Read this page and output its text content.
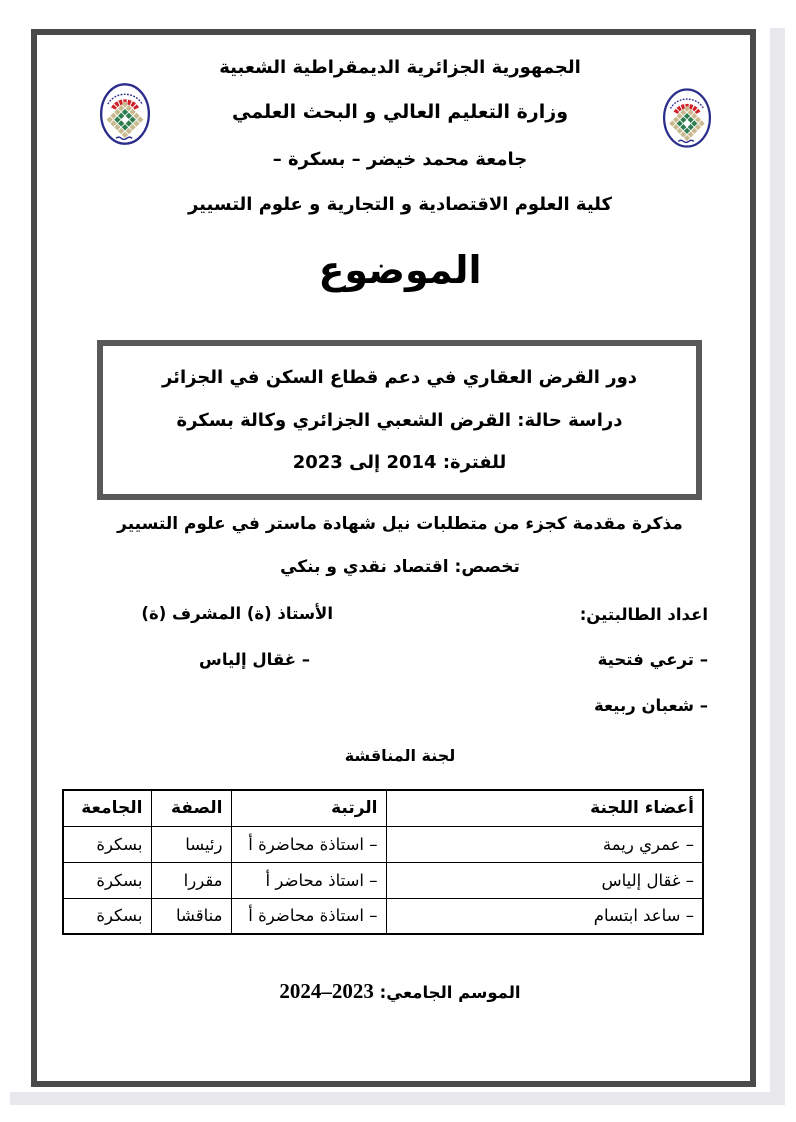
الجمهورية الجزائرية الديمقراطية الشعبية
وزارة التعليم العالي و البحث العلمي
جامعة محمد خيضر – بسكرة –
كلية العلوم الاقتصادية و التجارية و علوم التسيير
الموضوع
دور القرض العقاري في دعم قطاع السكن في الجزائر
دراسة حالة: القرض الشعبي الجزائري وكالة بسكرة
للفترة: 2014 إلى 2023
مذكرة مقدمة كجزء من متطلبات نيل شهادة ماستر في علوم التسيير
تخصص: اقتصاد نقدي و بنكي
اعداد الطالبتين:
– ترعي فتحية
– شعبان ربيعة
الأستاذ (ة) المشرف (ة)
– غقال إلياس
لجنة المناقشة
أعضاء اللجنة	الرتبة	الصفة	الجامعة
– عمري ريمة	– استاذة محاضرة أ	رئيسا	بسكرة
– غقال إلياس	– استاذ محاضر أ	مقررا	بسكرة
– ساعد ابتسام	– استاذة محاضرة أ	مناقشا	بسكرة
الموسم الجامعي: 2023–2024
